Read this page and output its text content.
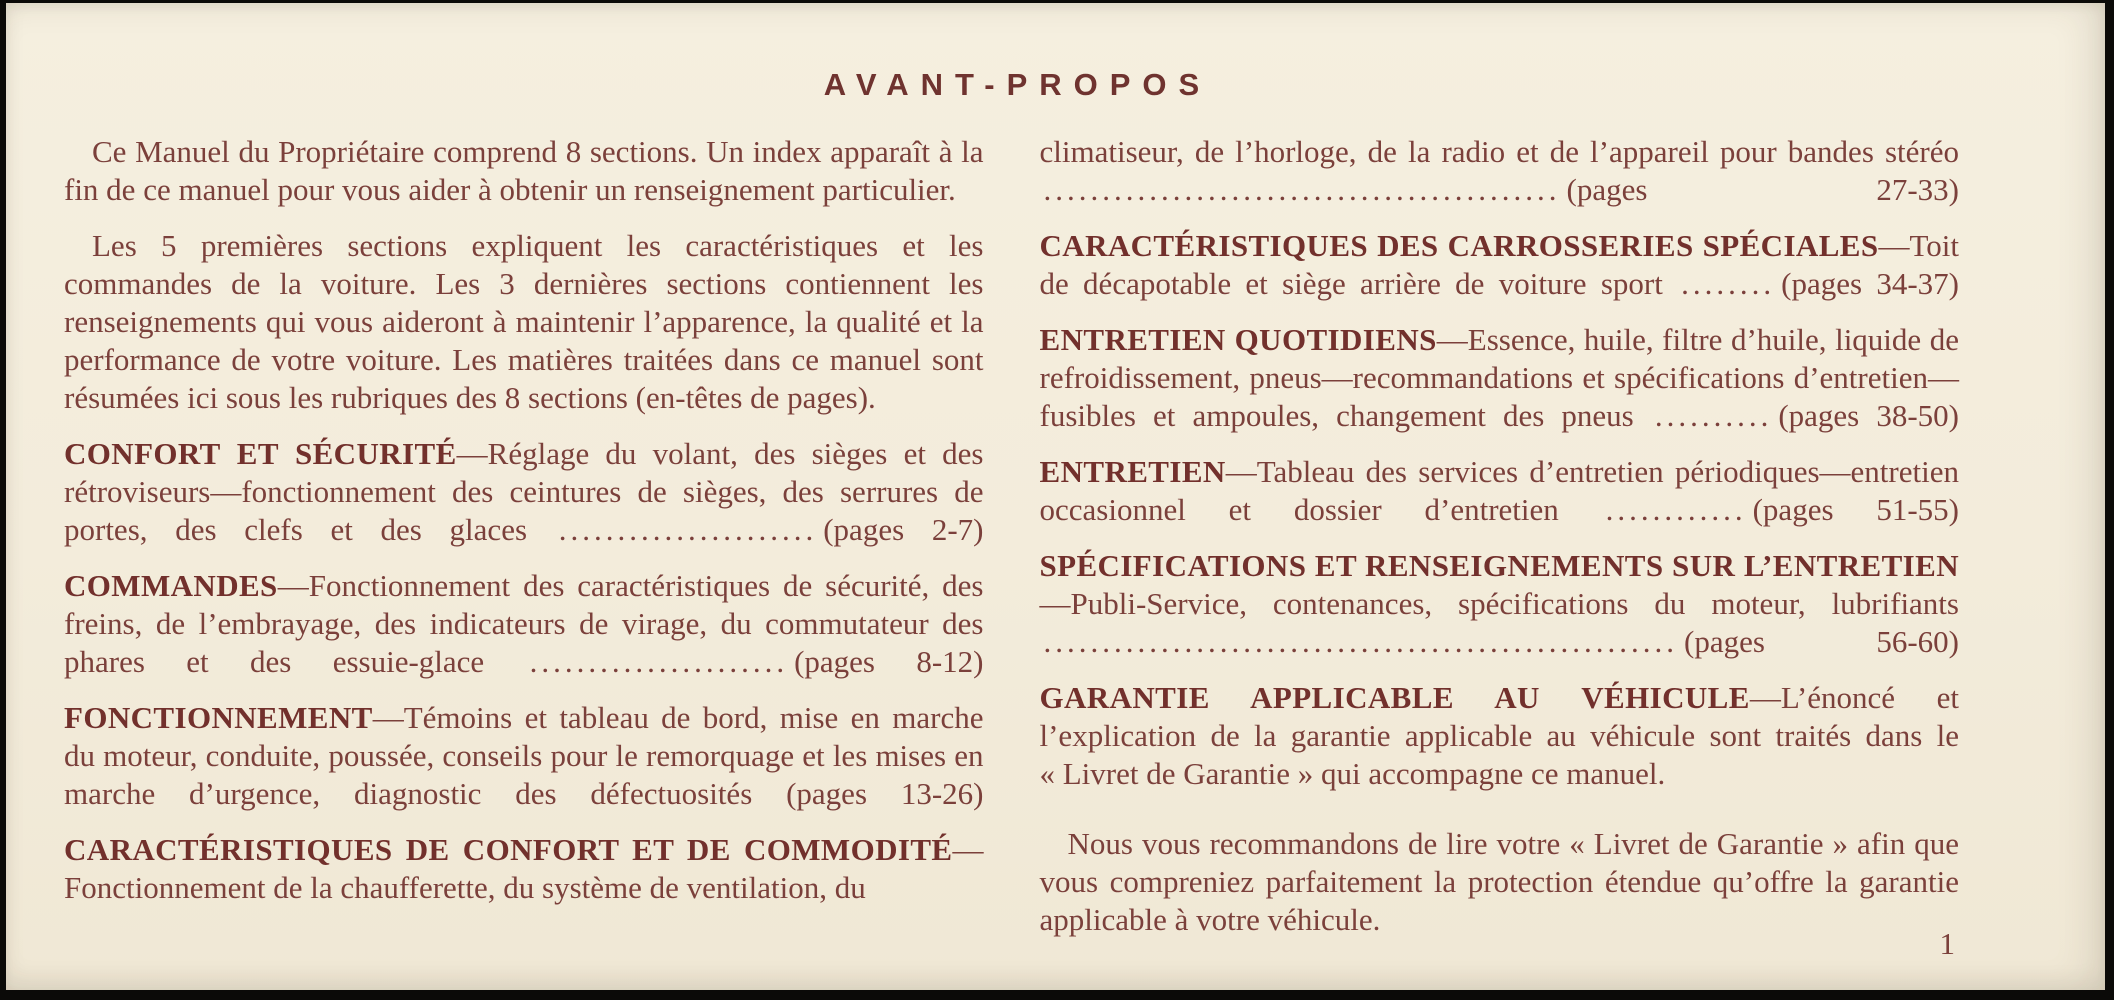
AVANT-PROPOS

Ce Manuel du Propriétaire comprend 8 sections. Un index apparaît à la fin de ce manuel pour vous aider à obtenir un renseignement particulier.

Les 5 premières sections expliquent les caractéristiques et les commandes de la voiture. Les 3 dernières sections contiennent les renseignements qui vous aideront à maintenir l’apparence, la qualité et la performance de votre voiture. Les matières traitées dans ce manuel sont résumées ici sous les rubriques des 8 sections (en-têtes de pages).

CONFORT ET SÉCURITÉ—Réglage du volant, des sièges et des rétroviseurs—fonctionnement des ceintures de sièges, des serrures de portes, des clefs et des glaces ...................... (pages 2-7)

COMMANDES—Fonctionnement des caractéristiques de sécurité, des freins, de l’embrayage, des indicateurs de virage, du commutateur des phares et des essuie-glace ...................... (pages 8-12)

FONCTIONNEMENT—Témoins et tableau de bord, mise en marche du moteur, conduite, poussée, conseils pour le remorquage et les mises en marche d’urgence, diagnostic des défectuosités (pages 13-26)

CARACTÉRISTIQUES DE CONFORT ET DE COMMODITÉ—Fonctionnement de la chaufferette, du système de ventilation, du

climatiseur, de l’horloge, de la radio et de l’appareil pour bandes stéréo ............................................ (pages 27-33)

CARACTÉRISTIQUES DES CARROSSERIES SPÉCIALES—Toit de décapotable et siège arrière de voiture sport ........ (pages 34-37)

ENTRETIEN QUOTIDIENS—Essence, huile, filtre d’huile, liquide de refroidissement, pneus—recommandations et spécifications d’entretien—fusibles et ampoules, changement des pneus .......... (pages 38-50)

ENTRETIEN—Tableau des services d’entretien périodiques—entretien occasionnel et dossier d’entretien ............ (pages 51-55)

SPÉCIFICATIONS ET RENSEIGNEMENTS SUR L’ENTRETIEN—Publi-Service, contenances, spécifications du moteur, lubrifiants ...................................................... (pages 56-60)

GARANTIE APPLICABLE AU VÉHICULE—L’énoncé et l’explication de la garantie applicable au véhicule sont traités dans le « Livret de Garantie » qui accompagne ce manuel.

Nous vous recommandons de lire votre « Livret de Garantie » afin que vous compreniez parfaitement la protection étendue qu’offre la garantie applicable à votre véhicule.

1
